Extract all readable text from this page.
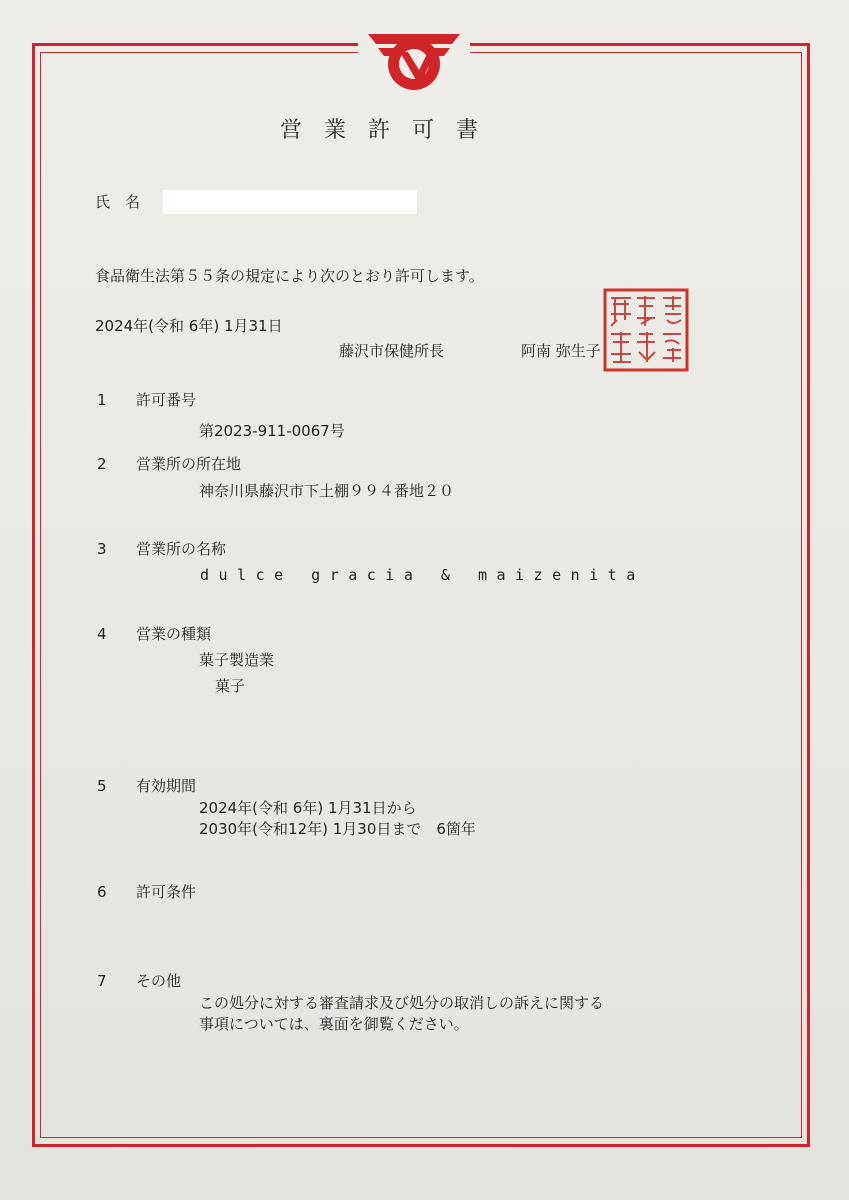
営業許可書
氏　名
食品衛生法第５５条の規定により次のとおり許可します。
2024年(令和 6年) 1月31日
藤沢市保健所長	阿南 弥生子
1 許可番号
第2023-911-0067号
2 営業所の所在地
神奈川県藤沢市下土棚９９４番地２０
3 営業所の名称
dulce gracia & maizenita
4 営業の種類
菓子製造業
菓子
5 有効期間
2024年(令和 6年) 1月31日から
2030年(令和12年) 1月30日まで　6箇年
6 許可条件
7 その他
この処分に対する審査請求及び処分の取消しの訴えに関する
事項については、裏面を御覧ください。
